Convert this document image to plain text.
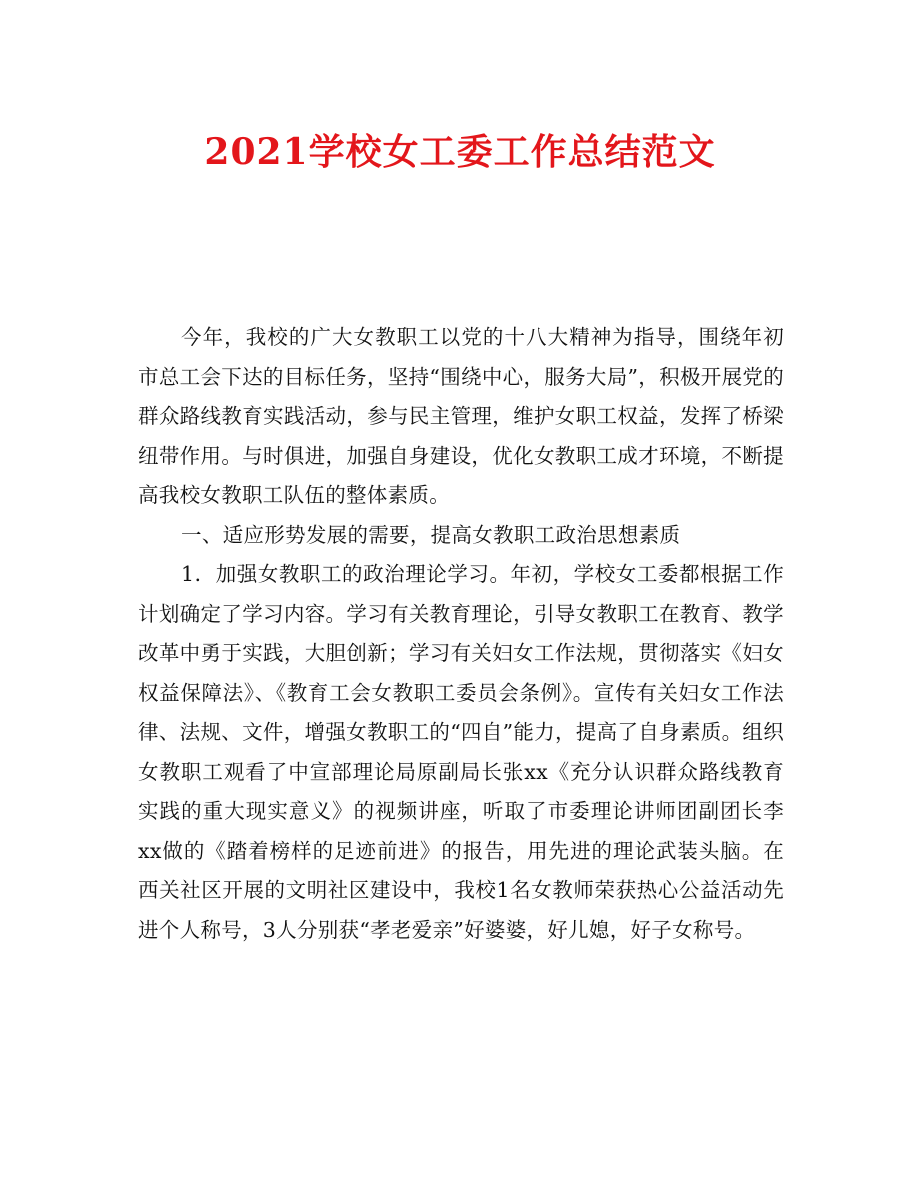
2021学校女工委工作总结范文

今年，我校的广大女教职工以党的十八大精神为指导，围绕年初市总工会下达的目标任务，坚持“围绕中心，服务大局”，积极开展党的群众路线教育实践活动，参与民主管理，维护女职工权益，发挥了桥梁纽带作用。与时俱进，加强自身建设，优化女教职工成才环境，不断提高我校女教职工队伍的整体素质。

一、适应形势发展的需要，提高女教职工政治思想素质

1．加强女教职工的政治理论学习。年初，学校女工委都根据工作计划确定了学习内容。学习有关教育理论，引导女教职工在教育、教学改革中勇于实践，大胆创新；学习有关妇女工作法规，贯彻落实《妇女权益保障法》、《教育工会女教职工委员会条例》。宣传有关妇女工作法律、法规、文件，增强女教职工的“四自”能力，提高了自身素质。组织女教职工观看了中宣部理论局原副局长张xx《充分认识群众路线教育实践的重大现实意义》的视频讲座，听取了市委理论讲师团副团长李xx做的《踏着榜样的足迹前进》的报告，用先进的理论武装头脑。在西关社区开展的文明社区建设中，我校1名女教师荣获热心公益活动先进个人称号，3人分别获“孝老爱亲”好婆婆，好儿媳，好子女称号。
